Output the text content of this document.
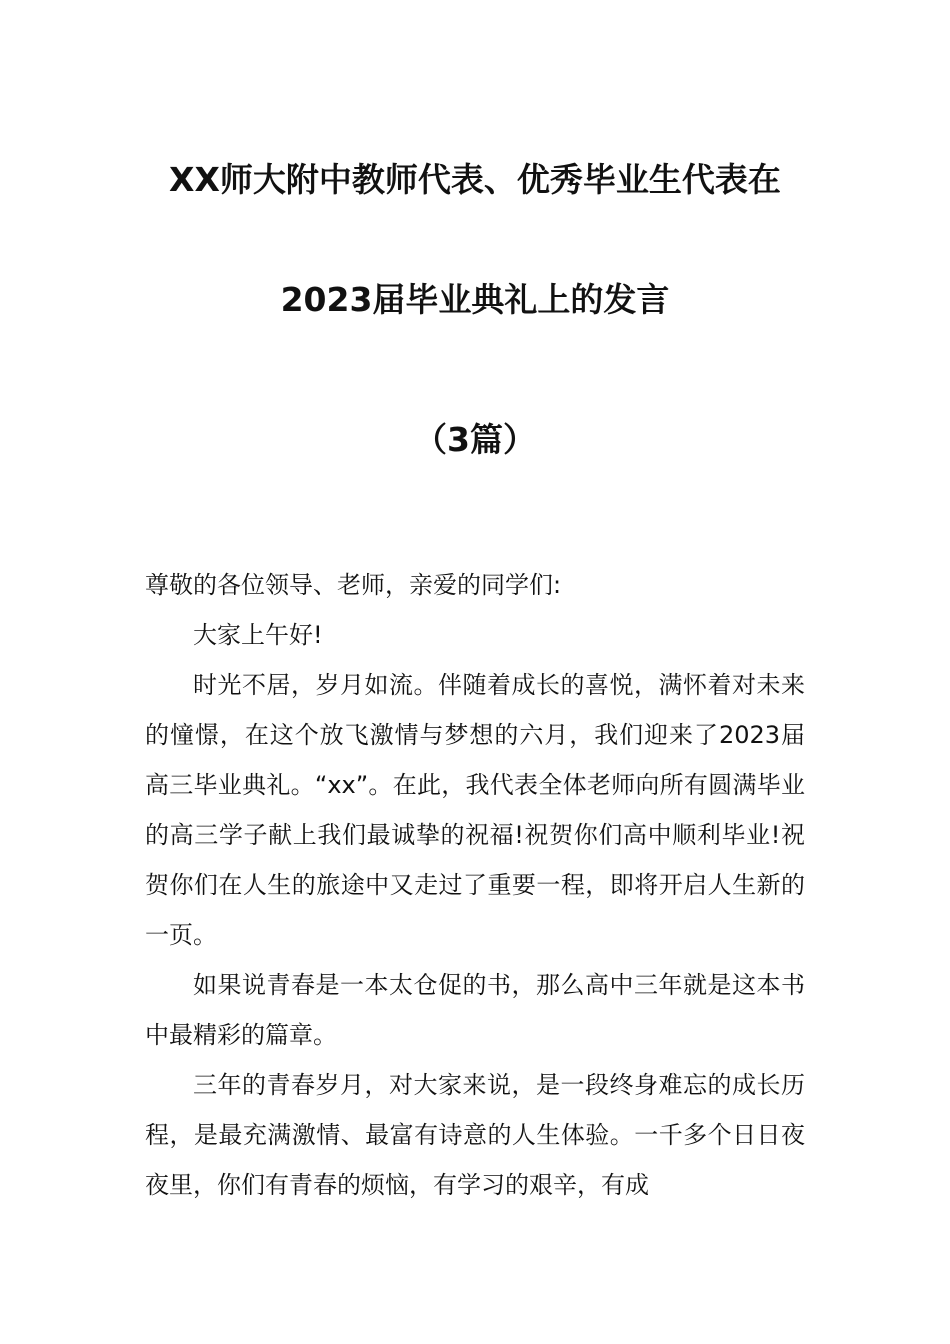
XX师大附中教师代表、优秀毕业生代表在
2023届毕业典礼上的发言
（3篇）

尊敬的各位领导、老师，亲爱的同学们:

大家上午好!

时光不居，岁月如流。伴随着成长的喜悦，满怀着对未来的憧憬，在这个放飞激情与梦想的六月，我们迎来了2023届高三毕业典礼。“xx”。在此，我代表全体老师向所有圆满毕业的高三学子献上我们最诚挚的祝福!祝贺你们高中顺利毕业!祝贺你们在人生的旅途中又走过了重要一程，即将开启人生新的一页。

如果说青春是一本太仓促的书，那么高中三年就是这本书中最精彩的篇章。

三年的青春岁月，对大家来说，是一段终身难忘的成长历程，是最充满激情、最富有诗意的人生体验。一千多个日日夜夜里，你们有青春的烦恼，有学习的艰辛，有成
